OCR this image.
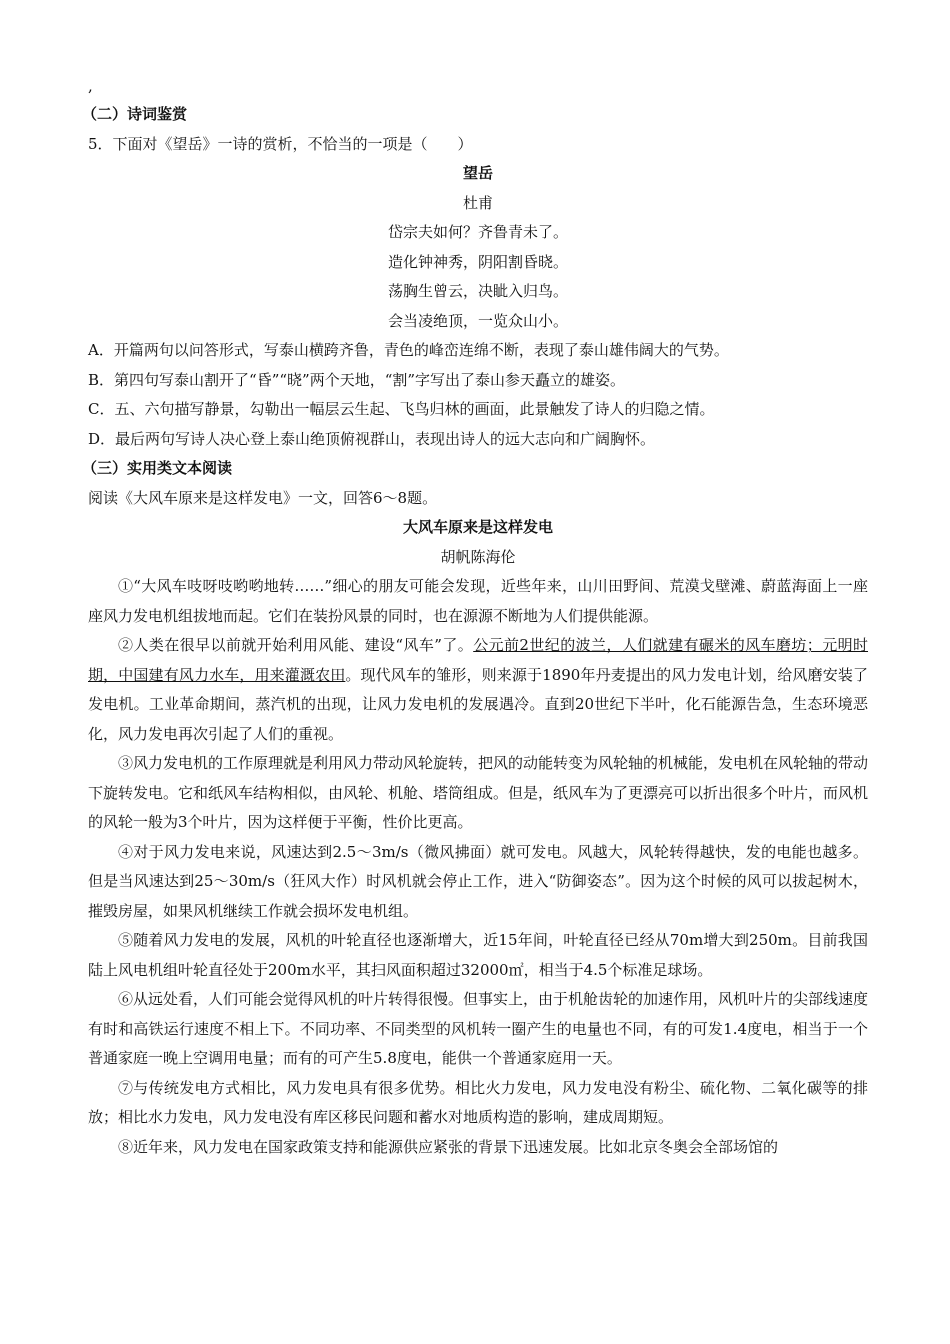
,
（二）诗词鉴赏
5．下面对《望岳》一诗的赏析，不恰当的一项是（　　）
望岳
杜甫
岱宗夫如何？齐鲁青未了。
造化钟神秀，阴阳割昏晓。
荡胸生曾云，决眦入归鸟。
会当凌绝顶，一览众山小。
A．开篇两句以问答形式，写泰山横跨齐鲁，青色的峰峦连绵不断，表现了泰山雄伟阔大的气势。
B．第四句写泰山割开了“昏”“晓”两个天地，“割”字写出了泰山参天矗立的雄姿。
C．五、六句描写静景，勾勒出一幅层云生起、飞鸟归林的画面，此景触发了诗人的归隐之情。
D．最后两句写诗人决心登上泰山绝顶俯视群山，表现出诗人的远大志向和广阔胸怀。
（三）实用类文本阅读
阅读《大风车原来是这样发电》一文，回答6～8题。
大风车原来是这样发电
胡帆陈海伦
①“大风车吱呀吱哟哟地转……”细心的朋友可能会发现，近些年来，山川田野间、荒漠戈壁滩、蔚蓝海面上一座座风力发电机组拔地而起。它们在装扮风景的同时，也在源源不断地为人们提供能源。
②人类在很早以前就开始利用风能、建设“风车”了。公元前2世纪的波兰，人们就建有碾米的风车磨坊；元明时期，中国建有风力水车，用来灌溉农田。现代风车的雏形，则来源于1890年丹麦提出的风力发电计划，给风磨安装了发电机。工业革命期间，蒸汽机的出现，让风力发电机的发展遇冷。直到20世纪下半叶，化石能源告急，生态环境恶化，风力发电再次引起了人们的重视。
③风力发电机的工作原理就是利用风力带动风轮旋转，把风的动能转变为风轮轴的机械能，发电机在风轮轴的带动下旋转发电。它和纸风车结构相似，由风轮、机舱、塔筒组成。但是，纸风车为了更漂亮可以折出很多个叶片，而风机的风轮一般为3个叶片，因为这样便于平衡，性价比更高。
④对于风力发电来说，风速达到2.5～3m/s（微风拂面）就可发电。风越大，风轮转得越快，发的电能也越多。但是当风速达到25～30m/s（狂风大作）时风机就会停止工作，进入“防御姿态”。因为这个时候的风可以拔起树木，摧毁房屋，如果风机继续工作就会损坏发电机组。
⑤随着风力发电的发展，风机的叶轮直径也逐渐增大，近15年间，叶轮直径已经从70m增大到250m。目前我国陆上风电机组叶轮直径处于200m水平，其扫风面积超过32000㎡，相当于4.5个标准足球场。
⑥从远处看，人们可能会觉得风机的叶片转得很慢。但事实上，由于机舱齿轮的加速作用，风机叶片的尖部线速度有时和高铁运行速度不相上下。不同功率、不同类型的风机转一圈产生的电量也不同，有的可发1.4度电，相当于一个普通家庭一晚上空调用电量；而有的可产生5.8度电，能供一个普通家庭用一天。
⑦与传统发电方式相比，风力发电具有很多优势。相比火力发电，风力发电没有粉尘、硫化物、二氧化碳等的排放；相比水力发电，风力发电没有库区移民问题和蓄水对地质构造的影响，建成周期短。
⑧近年来，风力发电在国家政策支持和能源供应紧张的背景下迅速发展。比如北京冬奥会全部场馆的
